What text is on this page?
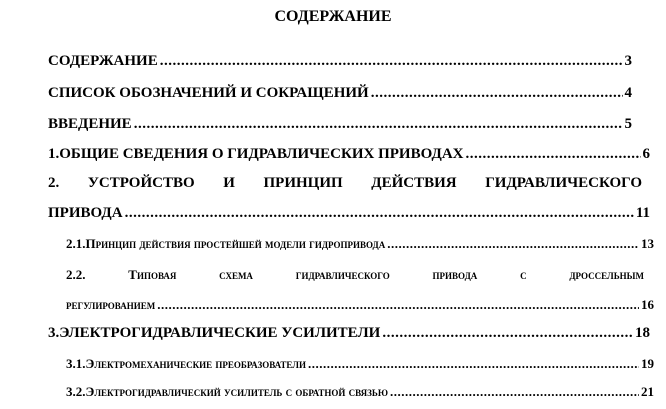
СОДЕРЖАНИЕ
СОДЕРЖАНИЕ .....	3
СПИСОК ОБОЗНАЧЕНИЙ И СОКРАЩЕНИЙ .....	4
ВВЕДЕНИЕ .....	5
1. ОБЩИЕ СВЕДЕНИЯ О ГИДРАВЛИЧЕСКИХ ПРИВОДАХ .....	6
2. УСТРОЙСТВО И ПРИНЦИП ДЕЙСТВИЯ ГИДРАВЛИЧЕСКОГО
ПРИВОДА .....	11
2.1. Принцип действия простейшей модели гидропривода .....	13
2.2.	Типовая	схема	гидравлического	привода	с	дроссельным
регулированием .....	16
3. ЭЛЕКТРОГИДРАВЛИЧЕСКИЕ УСИЛИТЕЛИ .....	18
3.1. Электромеханические преобразователи .....	19
3.2. Электрогидравлический усилитель с обратной связью .....	21
